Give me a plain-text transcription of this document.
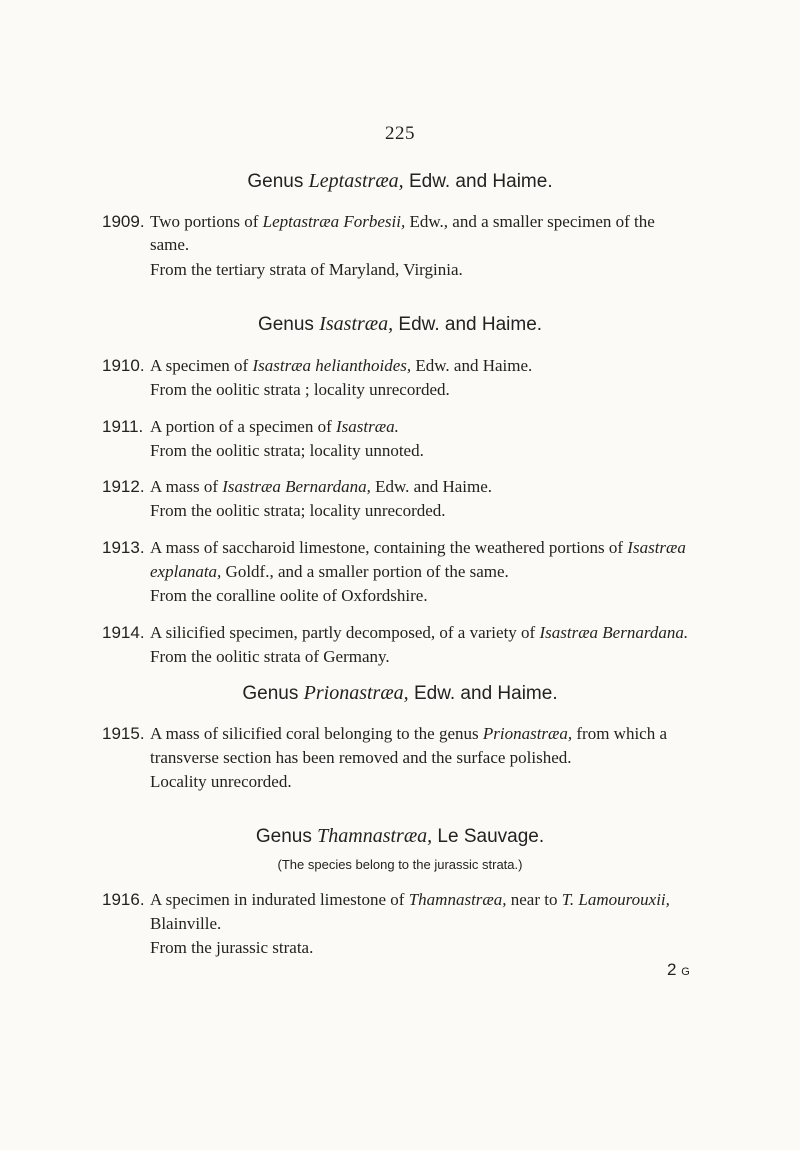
225
Genus Leptastræa, Edw. and Haime.
1909. Two portions of Leptastræa Forbesii, Edw., and a smaller specimen of the
same.
From the tertiary strata of Maryland, Virginia.
Genus Isastræa, Edw. and Haime.
1910. A specimen of Isastræa helianthoides, Edw. and Haime.
From the oolitic strata ; locality unrecorded.
1911. A portion of a specimen of Isastræa.
From the oolitic strata; locality unnoted.
1912. A mass of Isastræa Bernardana, Edw. and Haime.
From the oolitic strata; locality unrecorded.
1913. A mass of saccharoid limestone, containing the weathered portions of Isastræa
explanata, Goldf., and a smaller portion of the same.
From the coralline oolite of Oxfordshire.
1914. A silicified specimen, partly decomposed, of a variety of Isastræa Bernardana.
From the oolitic strata of Germany.
Genus Prionastræa, Edw. and Haime.
1915. A mass of silicified coral belonging to the genus Prionastræa, from which a
transverse section has been removed and the surface polished.
Locality unrecorded.
Genus Thamnastræa, Le Sauvage.
(The species belong to the jurassic strata.)
1916. A specimen in indurated limestone of Thamnastræa, near to T. Lamourouxii,
Blainville.
From the jurassic strata.
2 G
